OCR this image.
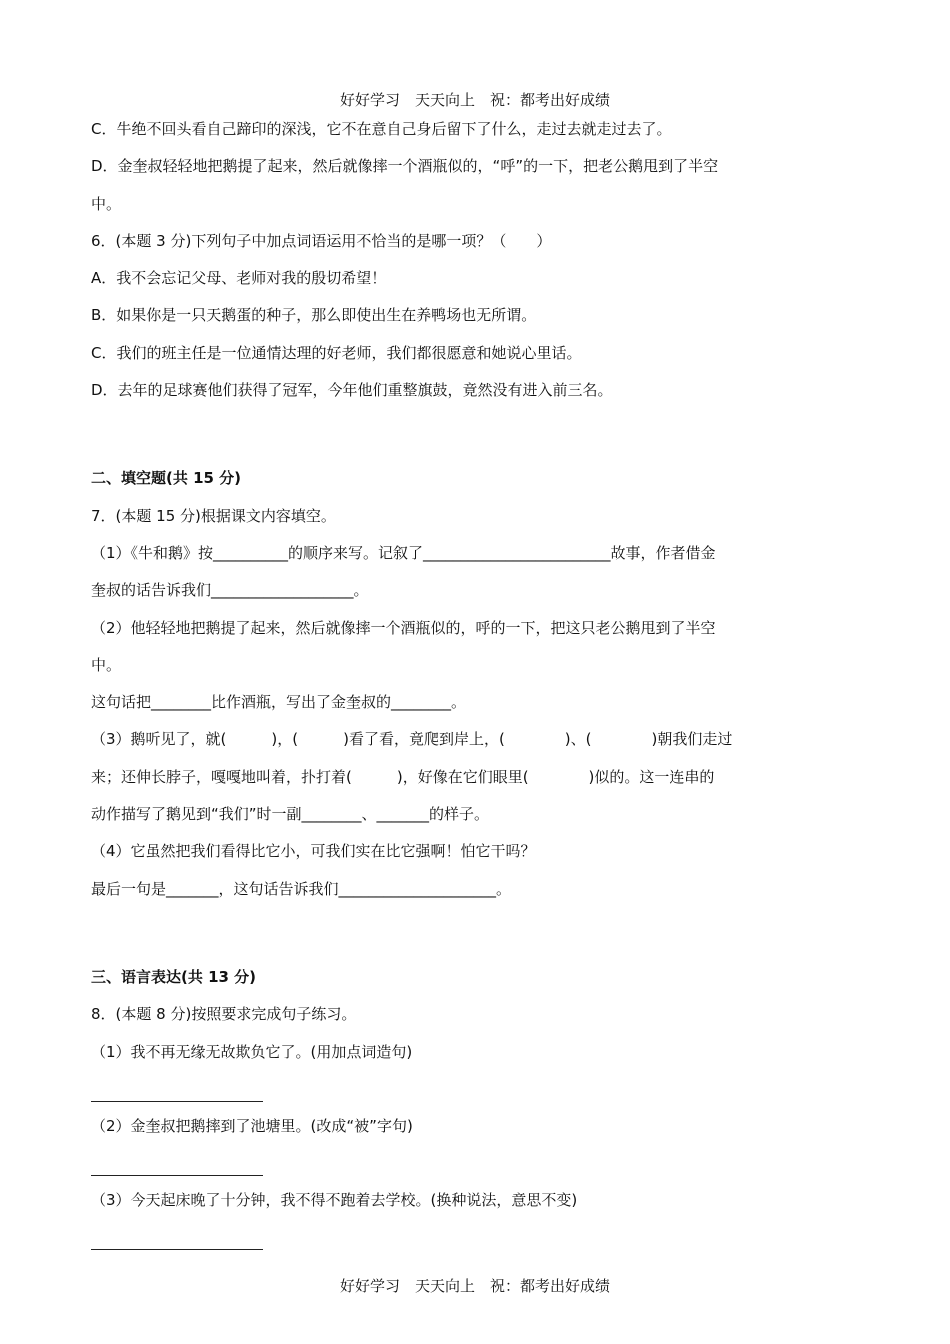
好好学习　天天向上　祝：都考出好成绩
C．牛绝不回头看自己蹄印的深浅，它不在意自己身后留下了什么，走过去就走过去了。
D．金奎叔轻轻地把鹅提了起来，然后就像摔一个酒瓶似的，“呼”的一下，把老公鹅甩到了半空
中。
6．(本题 3 分)下列句子中加点词语运用不恰当的是哪一项？（　　）
A．我不会忘记父母、老师对我的殷切希望！
B．如果你是一只天鹅蛋的种子，那么即使出生在养鸭场也无所谓。
C．我们的班主任是一位通情达理的好老师，我们都很愿意和她说心里话。
D．去年的足球赛他们获得了冠军，今年他们重整旗鼓，竟然没有进入前三名。
二、填空题(共 15 分)
7．(本题 15 分)根据课文内容填空。
（1）《牛和鹅》按__________的顺序来写。记叙了_________________________故事，作者借金
奎叔的话告诉我们___________________。
（2）他轻轻地把鹅提了起来，然后就像摔一个酒瓶似的，呼的一下，把这只老公鹅甩到了半空
中。
这句话把________比作酒瓶，写出了金奎叔的________。
（3）鹅听见了，就(　　　)，(　　　)看了看，竟爬到岸上，(　　　　)、(　　　　)朝我们走过
来；还伸长脖子，嘎嘎地叫着，扑打着(　　　)，好像在它们眼里(　　　　)似的。这一连串的
动作描写了鹅见到“我们”时一副________、_______的样子。
（4）它虽然把我们看得比它小，可我们实在比它强啊！怕它干吗？
最后一句是_______，这句话告诉我们_____________________。
三、语言表达(共 13 分)
8．(本题 8 分)按照要求完成句子练习。
（1）我不再无缘无故欺负它了。(用加点词造句)
（2）金奎叔把鹅摔到了池塘里。(改成“被”字句)
（3）今天起床晚了十分钟，我不得不跑着去学校。(换种说法，意思不变)
好好学习　天天向上　祝：都考出好成绩
